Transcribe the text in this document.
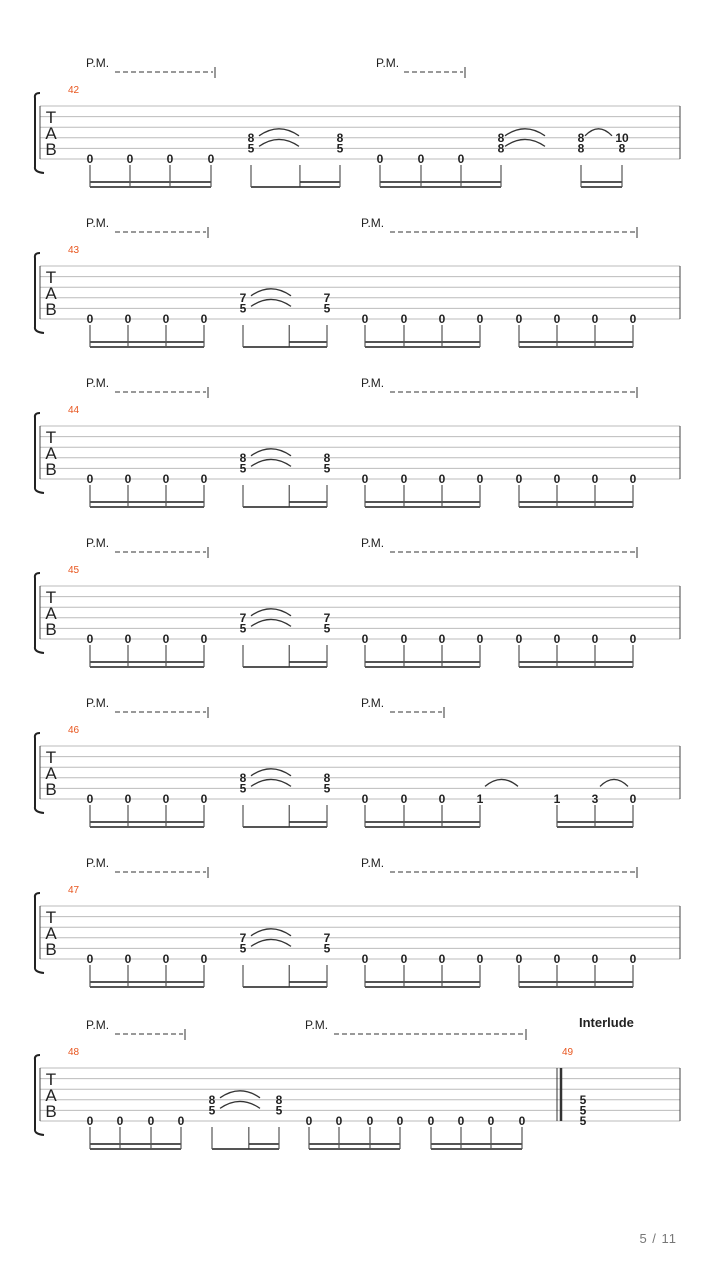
T
A
B
42
P.M.	P.M.
0	0	0	0
8
5
8
5
0	0	0
8
8
8
8
10
8
T
A
B
43
P.M.	P.M.
0	0	0	0
7
5
7
5
0	0	0	0	0	0	0	0
T
A
B
44
P.M.	P.M.
0	0	0	0
8
5
8
5
0	0	0	0	0	0	0	0
T
A
B
45
P.M.	P.M.
0	0	0	0
7
5
7
5
0	0	0	0	0	0	0	0
T
A
B
46
P.M.	P.M.
0	0	0	0
8
5
8
5
0	0	0	1	1	3	0
T
A
B
47
P.M.	P.M.
0	0	0	0
7
5
7
5
0	0	0	0	0	0	0	0
T
A
B
48
P.M.	P.M.
0 0 0 0
8
5
8
5
0 0 0 0 0 0 0 0
49
Interlude
5
5
5
5 / 11
